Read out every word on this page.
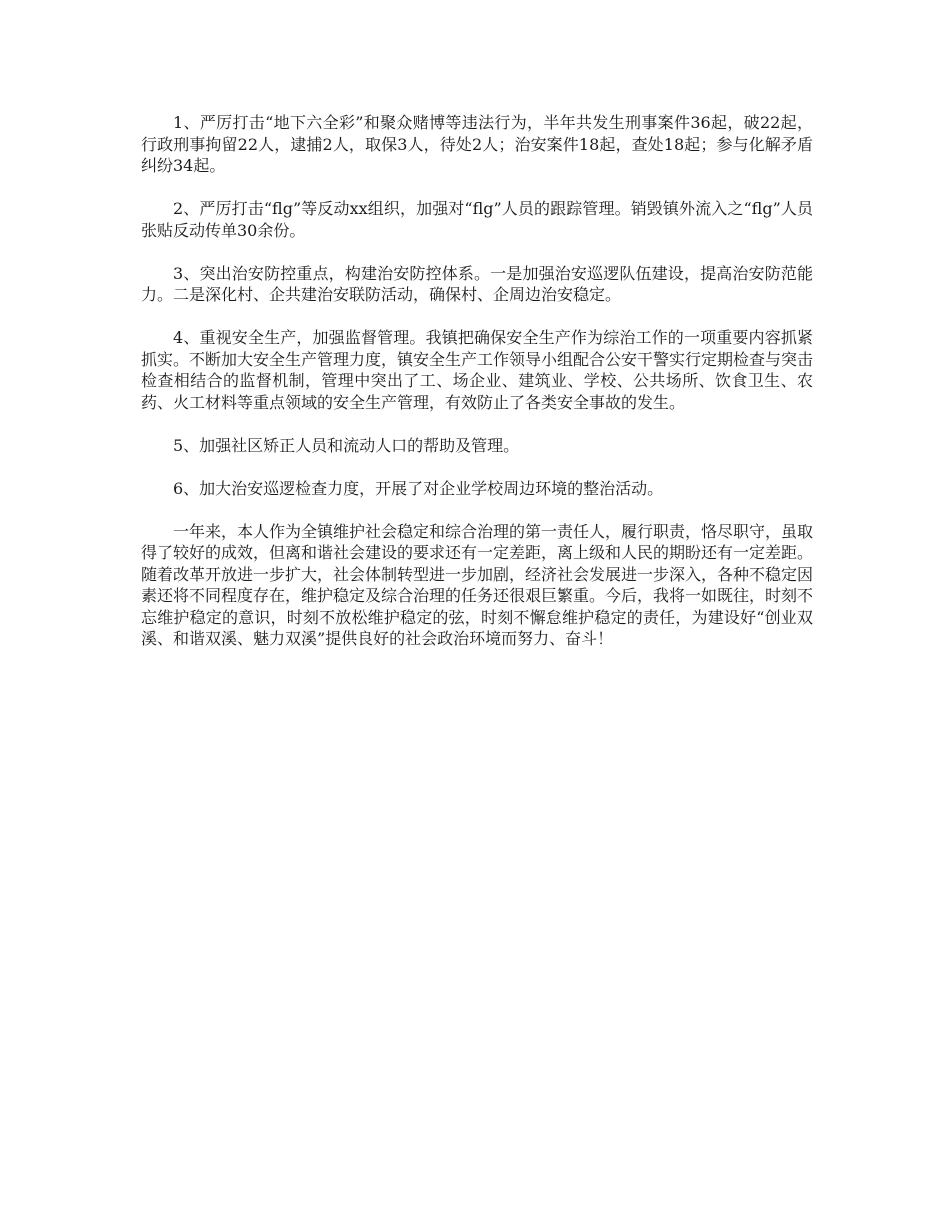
1、严厉打击“地下六全彩”和聚众赌博等违法行为，半年共发生刑事案件36起，破22起，行政刑事拘留22人，逮捕2人，取保3人，待处2人；治安案件18起，查处18起；参与化解矛盾纠纷34起。

2、严厉打击“flg”等反动xx组织，加强对“flg”人员的跟踪管理。销毁镇外流入之“flg”人员张贴反动传单30余份。

3、突出治安防控重点，构建治安防控体系。一是加强治安巡逻队伍建设，提高治安防范能力。二是深化村、企共建治安联防活动，确保村、企周边治安稳定。

4、重视安全生产，加强监督管理。我镇把确保安全生产作为综治工作的一项重要内容抓紧抓实。不断加大安全生产管理力度，镇安全生产工作领导小组配合公安干警实行定期检查与突击检查相结合的监督机制，管理中突出了工、场企业、建筑业、学校、公共场所、饮食卫生、农药、火工材料等重点领域的安全生产管理，有效防止了各类安全事故的发生。

5、加强社区矫正人员和流动人口的帮助及管理。

6、加大治安巡逻检查力度，开展了对企业学校周边环境的整治活动。

一年来，本人作为全镇维护社会稳定和综合治理的第一责任人，履行职责，恪尽职守，虽取得了较好的成效，但离和谐社会建设的要求还有一定差距，离上级和人民的期盼还有一定差距。随着改革开放进一步扩大，社会体制转型进一步加剧，经济社会发展进一步深入，各种不稳定因素还将不同程度存在，维护稳定及综合治理的任务还很艰巨繁重。今后，我将一如既往，时刻不忘维护稳定的意识，时刻不放松维护稳定的弦，时刻不懈怠维护稳定的责任，为建设好“创业双溪、和谐双溪、魅力双溪”提供良好的社会政治环境而努力、奋斗！
